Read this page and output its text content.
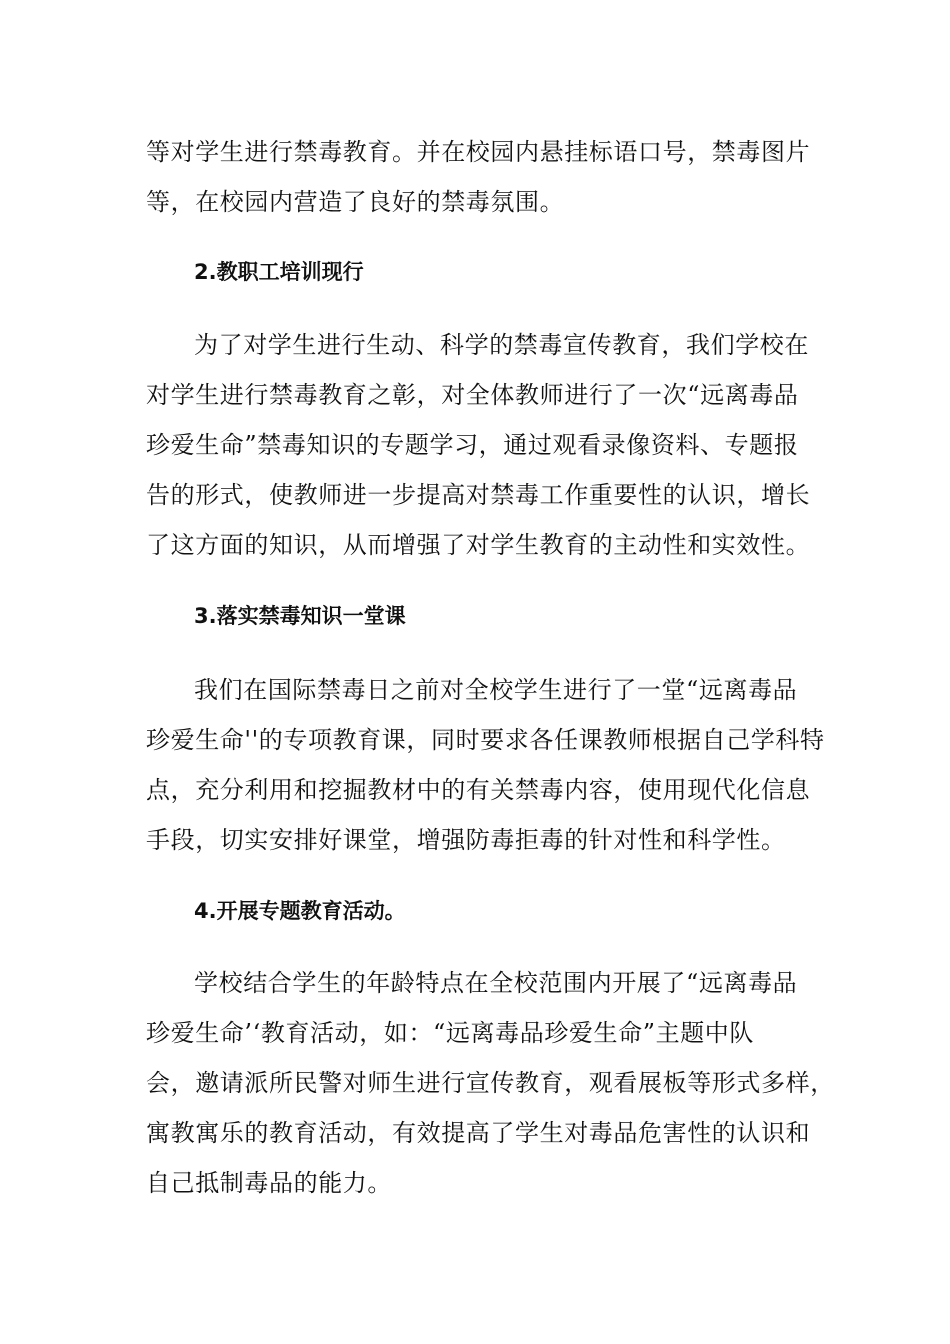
等对学生进行禁毒教育。并在校园内悬挂标语口号，禁毒图片
等，在校园内营造了良好的禁毒氛围。
2.教职工培训现行
为了对学生进行生动、科学的禁毒宣传教育，我们学校在
对学生进行禁毒教育之彰，对全体教师进行了一次“远离毒品
珍爱生命”禁毒知识的专题学习，通过观看录像资料、专题报
告的形式，使教师进一步提高对禁毒工作重要性的认识，增长
了这方面的知识，从而增强了对学生教育的主动性和实效性。
3.落实禁毒知识一堂课
我们在国际禁毒日之前对全校学生进行了一堂“远离毒品
珍爱生命''的专项教育课，同时要求各任课教师根据自己学科特
点，充分利用和挖掘教材中的有关禁毒内容，使用现代化信息
手段，切实安排好课堂，增强防毒拒毒的针对性和科学性。
4.开展专题教育活动。
学校结合学生的年龄特点在全校范围内开展了“远离毒品
珍爱生命’‘教育活动，如：“远离毒品珍爱生命”主题中队
会，邀请派所民警对师生进行宣传教育，观看展板等形式多样，
寓教寓乐的教育活动，有效提高了学生对毒品危害性的认识和
自己抵制毒品的能力。
